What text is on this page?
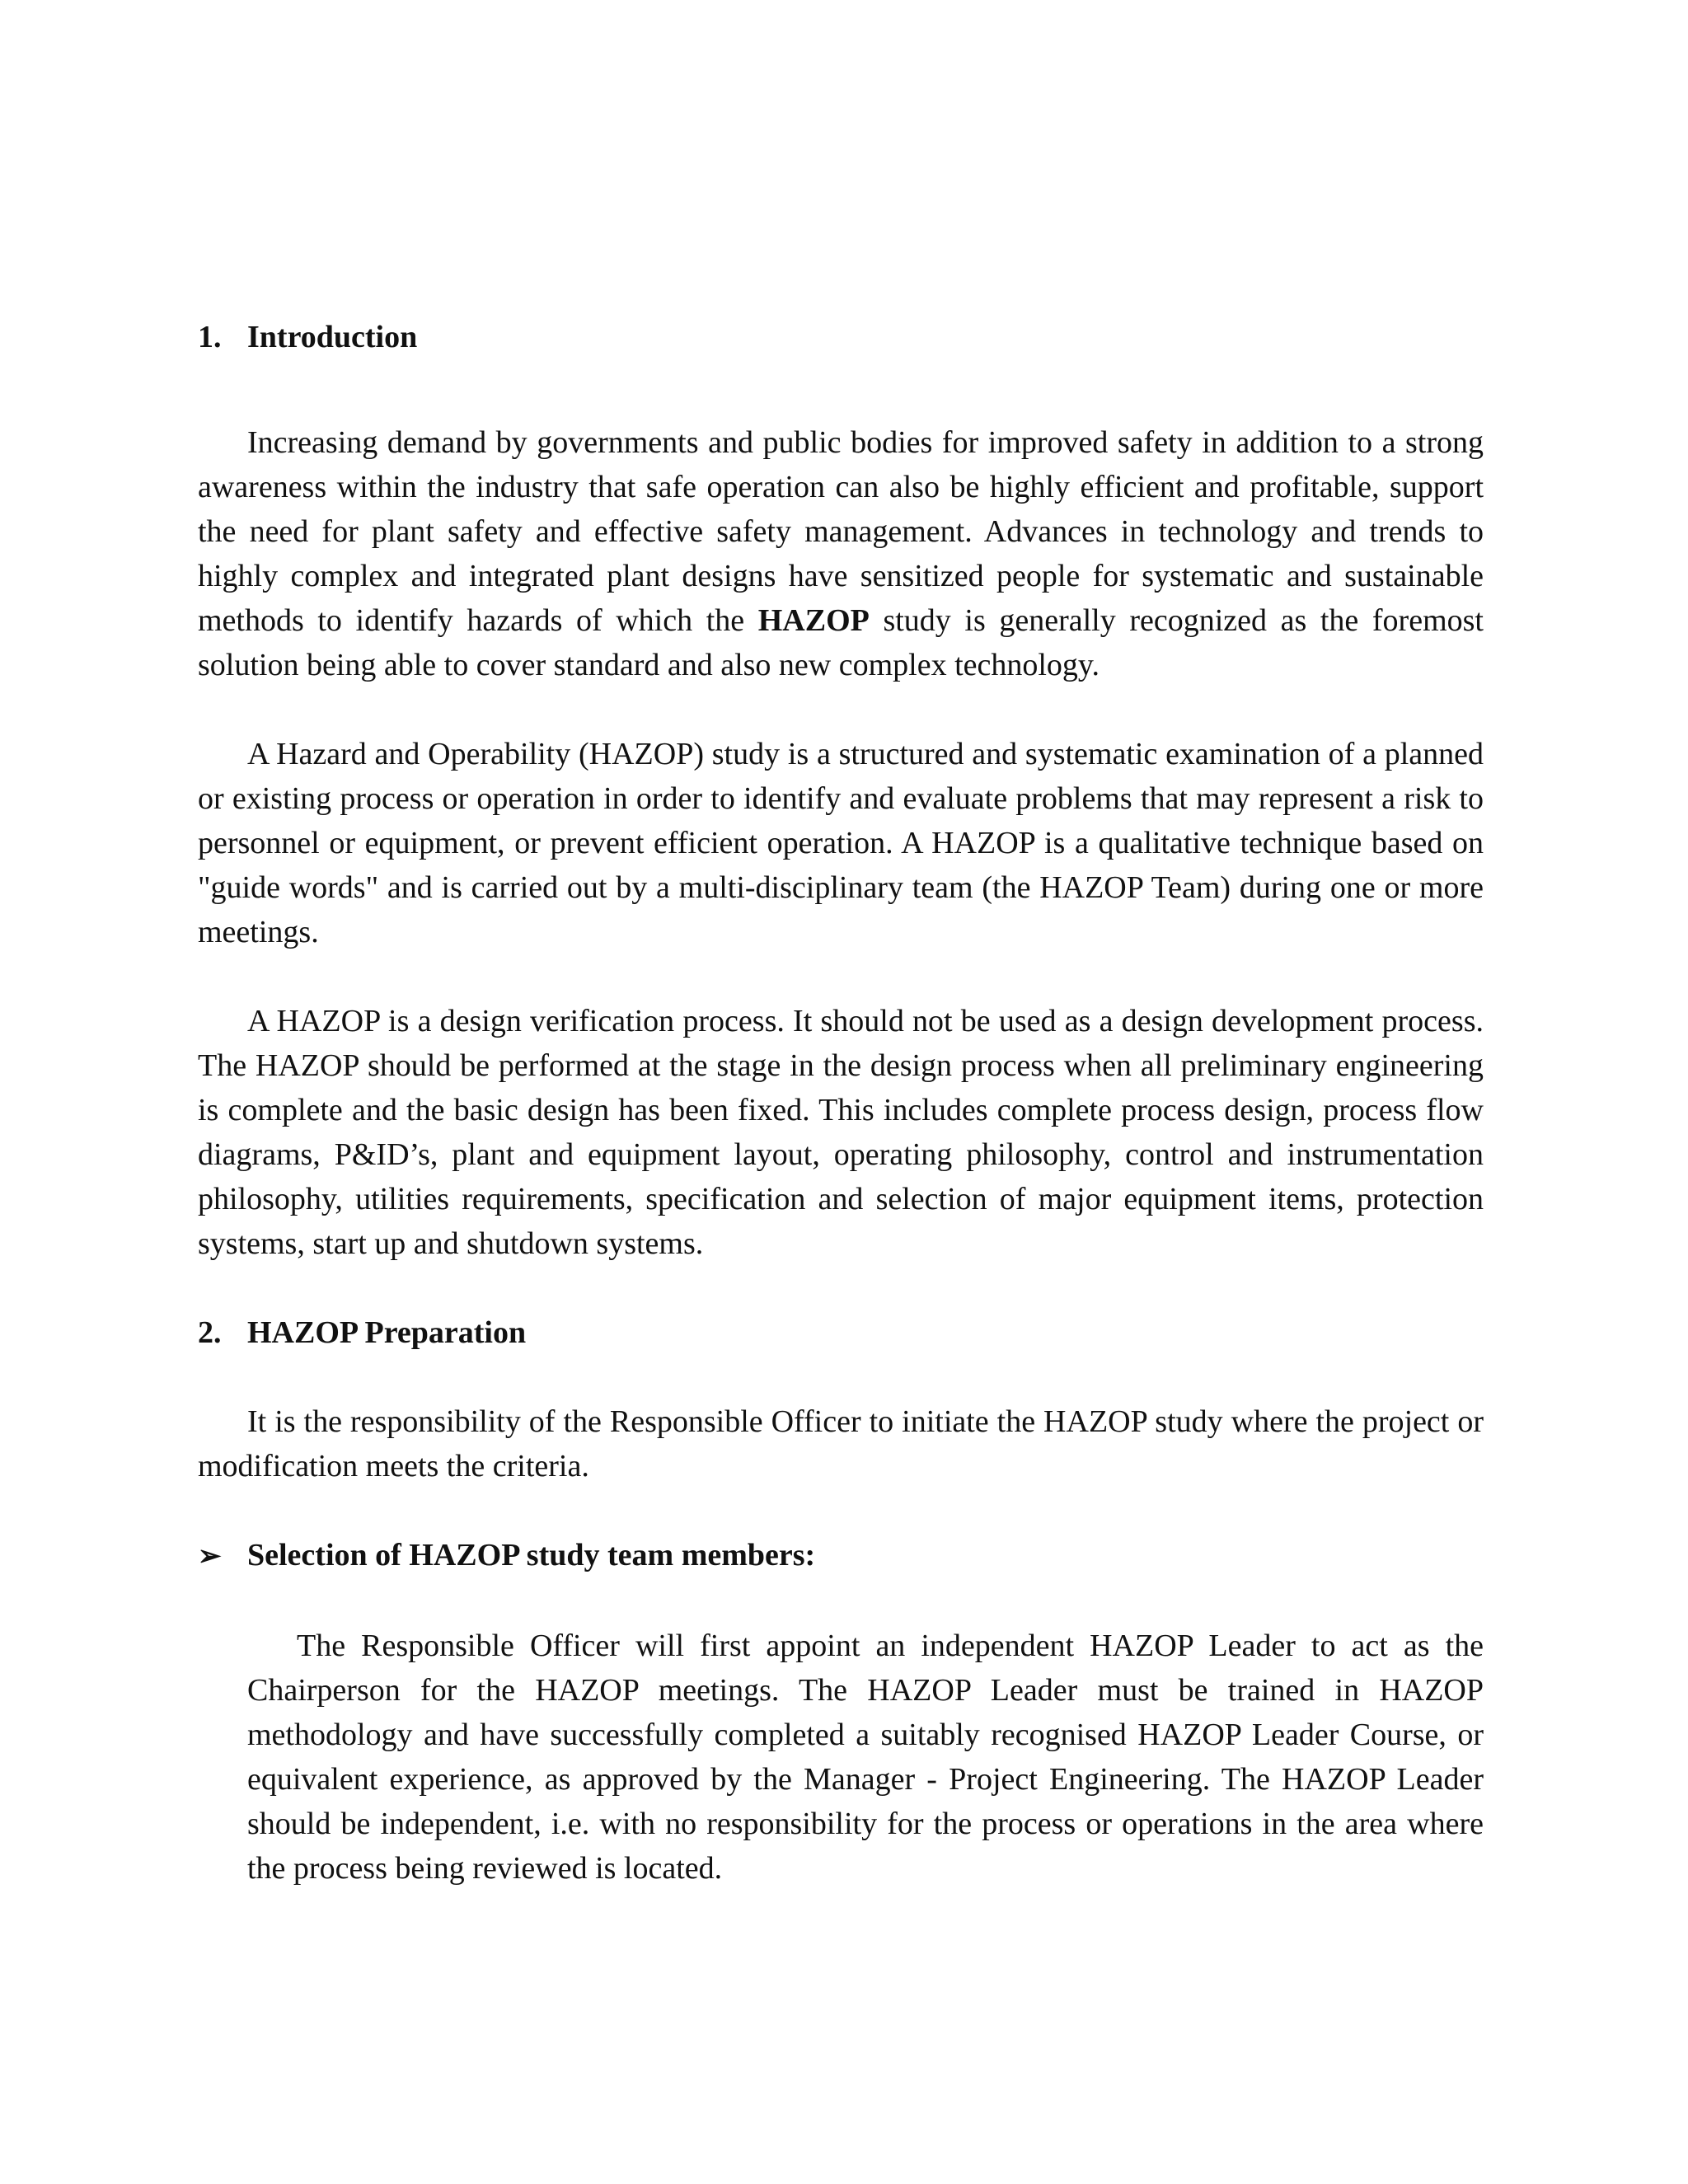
1. Introduction

Increasing demand by governments and public bodies for improved safety in addition to a strong awareness within the industry that safe operation can also be highly efficient and profitable, support the need for plant safety and effective safety management. Advances in technology and trends to highly complex and integrated plant designs have sensitized people for systematic and sustainable methods to identify hazards of which the HAZOP study is generally recognized as the foremost solution being able to cover standard and also new complex technology.

A Hazard and Operability (HAZOP) study is a structured and systematic examination of a planned or existing process or operation in order to identify and evaluate problems that may represent a risk to personnel or equipment, or prevent efficient operation. A HAZOP is a qualitative technique based on "guide words" and is carried out by a multi-disciplinary team (the HAZOP Team) during one or more meetings.

A HAZOP is a design verification process. It should not be used as a design development process. The HAZOP should be performed at the stage in the design process when all preliminary engineering is complete and the basic design has been fixed. This includes complete process design, process flow diagrams, P&ID’s, plant and equipment layout, operating philosophy, control and instrumentation philosophy, utilities requirements, specification and selection of major equipment items, protection systems, start up and shutdown systems.

2. HAZOP Preparation

It is the responsibility of the Responsible Officer to initiate the HAZOP study where the project or modification meets the criteria.

➢ Selection of HAZOP study team members:

The Responsible Officer will first appoint an independent HAZOP Leader to act as the Chairperson for the HAZOP meetings. The HAZOP Leader must be trained in HAZOP methodology and have successfully completed a suitably recognised HAZOP Leader Course, or equivalent experience, as approved by the Manager - Project Engineering. The HAZOP Leader should be independent, i.e. with no responsibility for the process or operations in the area where the process being reviewed is located.
